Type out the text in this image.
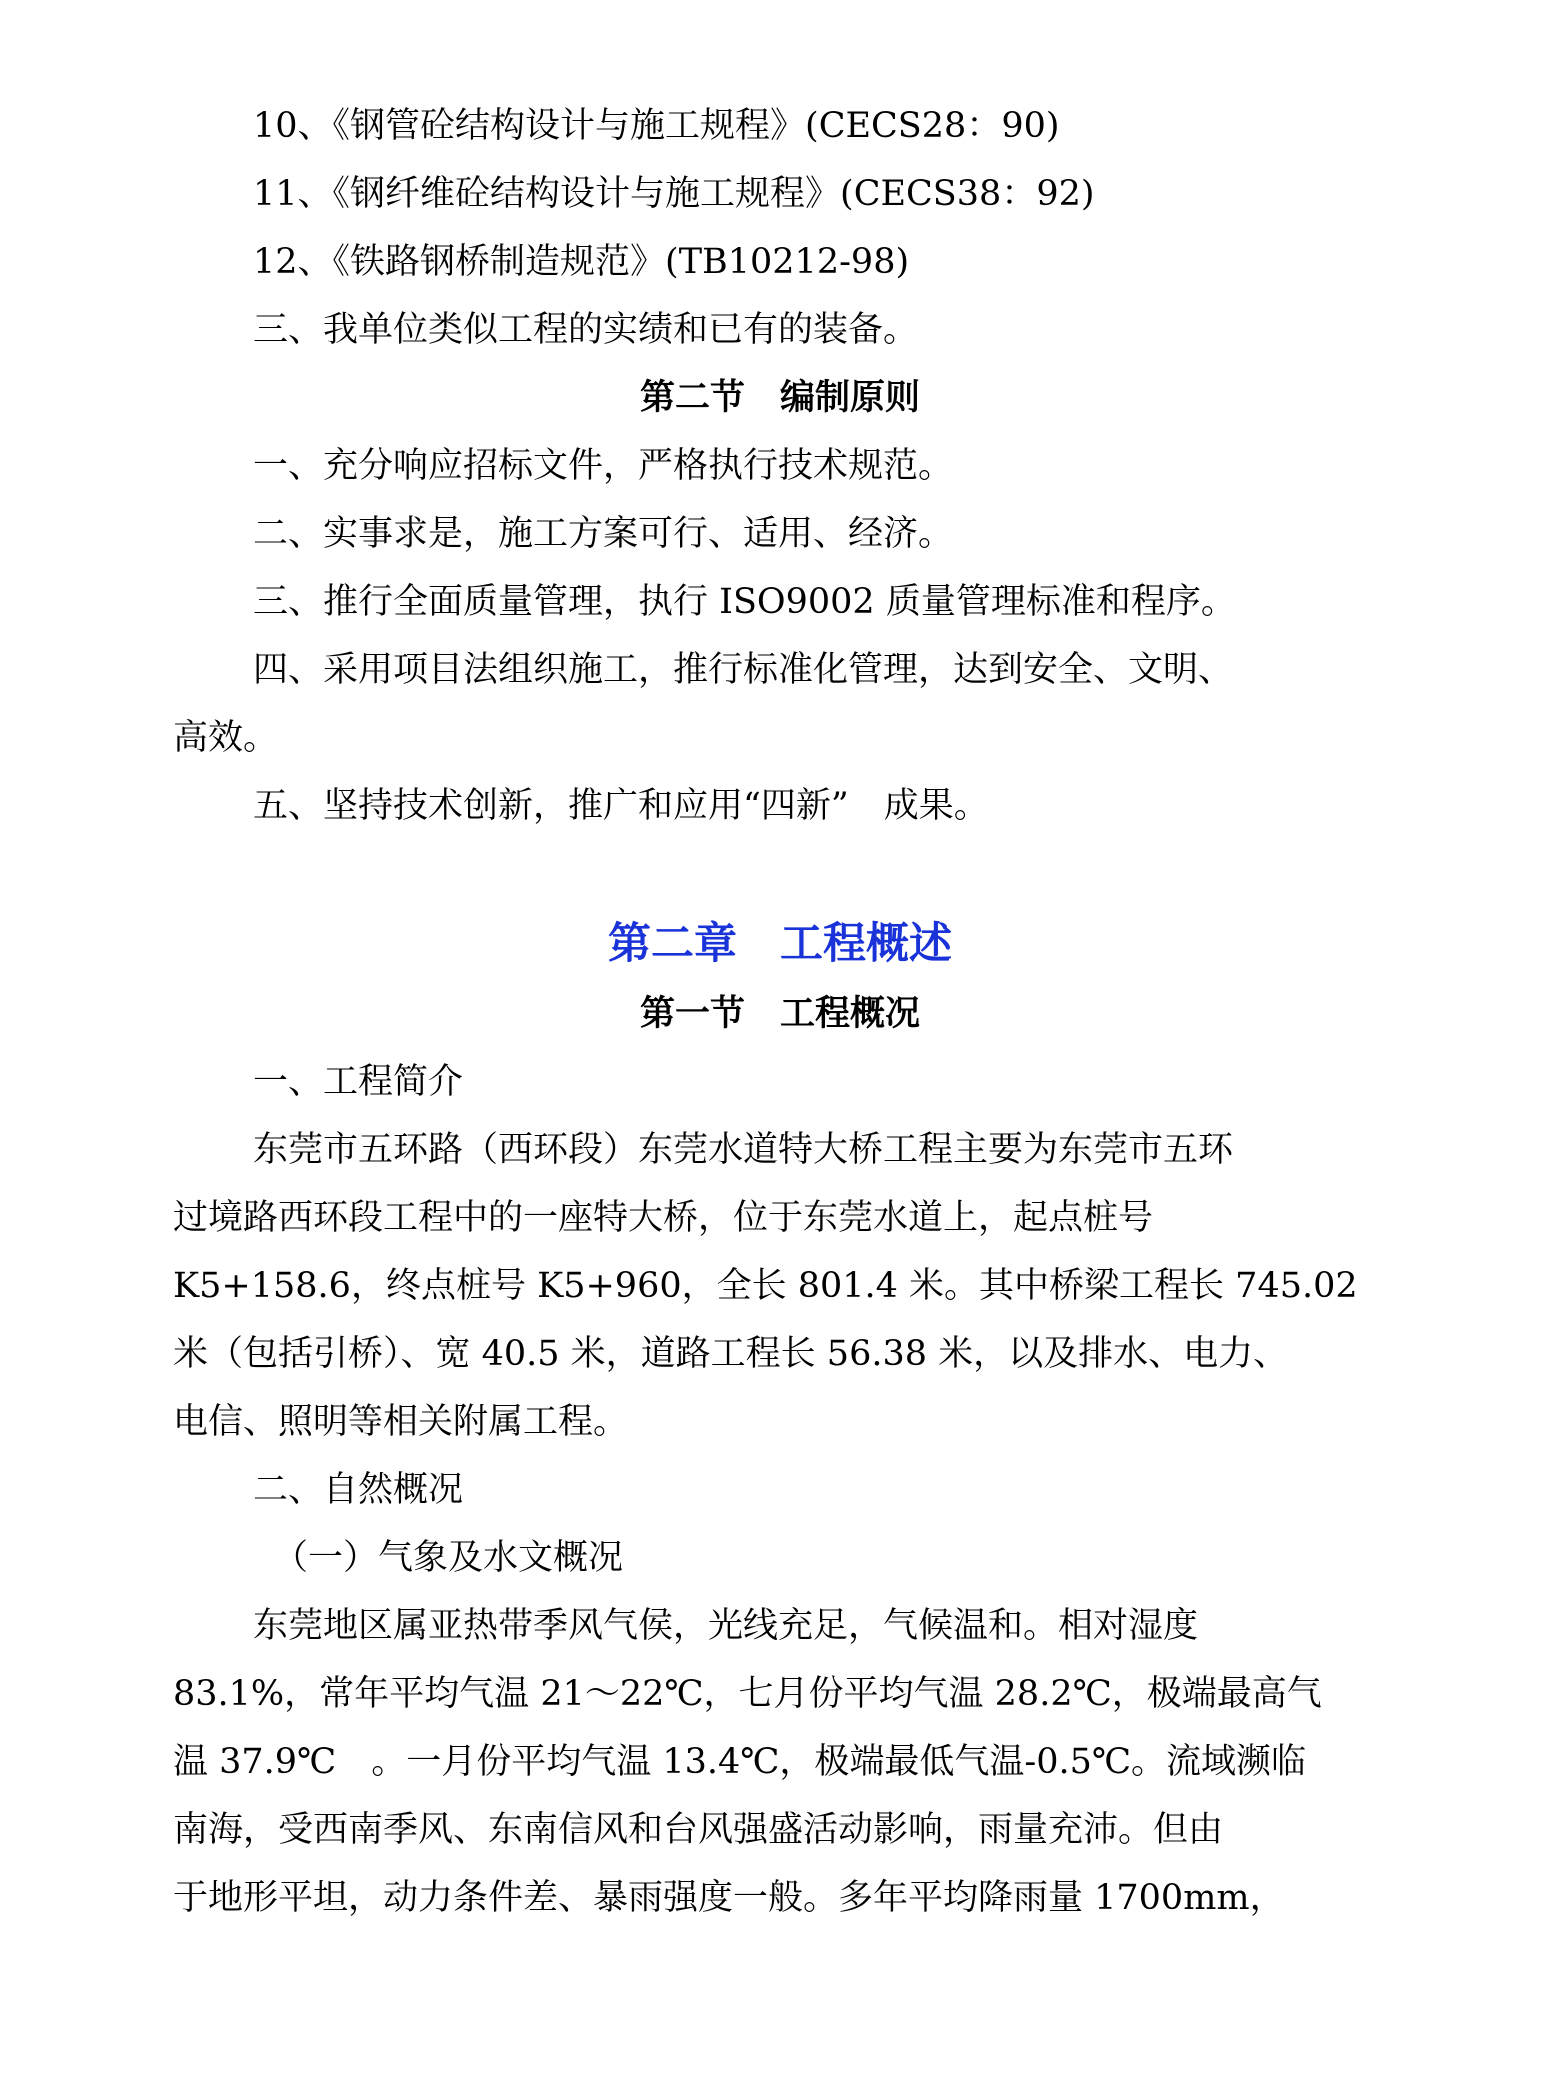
10、《钢管砼结构设计与施工规程》(CECS28：90)
11、《钢纤维砼结构设计与施工规程》(CECS38：92)
12、《铁路钢桥制造规范》(TB10212-98)
三、我单位类似工程的实绩和已有的装备。
第二节　编制原则
一、充分响应招标文件，严格执行技术规范。
二、实事求是，施工方案可行、适用、经济。
三、推行全面质量管理，执行 ISO9002 质量管理标准和程序。
四、采用项目法组织施工，推行标准化管理，达到安全、文明、
高效。
五、坚持技术创新，推广和应用“四新”　成果。
第二章　工程概述
第一节　工程概况
一、工程简介
东莞市五环路（西环段）东莞水道特大桥工程主要为东莞市五环
过境路西环段工程中的一座特大桥，位于东莞水道上，起点桩号
K5+158.6，终点桩号 K5+960，全长 801.4 米。其中桥梁工程长 745.02
米（包括引桥）、宽 40.5 米，道路工程长 56.38 米，以及排水、电力、
电信、照明等相关附属工程。
二、自然概况
（一）气象及水文概况
东莞地区属亚热带季风气侯，光线充足，气候温和。相对湿度
83.1%，常年平均气温 21～22℃，七月份平均气温 28.2℃，极端最高气
温 37.9℃　。一月份平均气温 13.4℃，极端最低气温-0.5℃。流域濒临
南海，受西南季风、东南信风和台风强盛活动影响，雨量充沛。但由
于地形平坦，动力条件差、暴雨强度一般。多年平均降雨量 1700mm，
